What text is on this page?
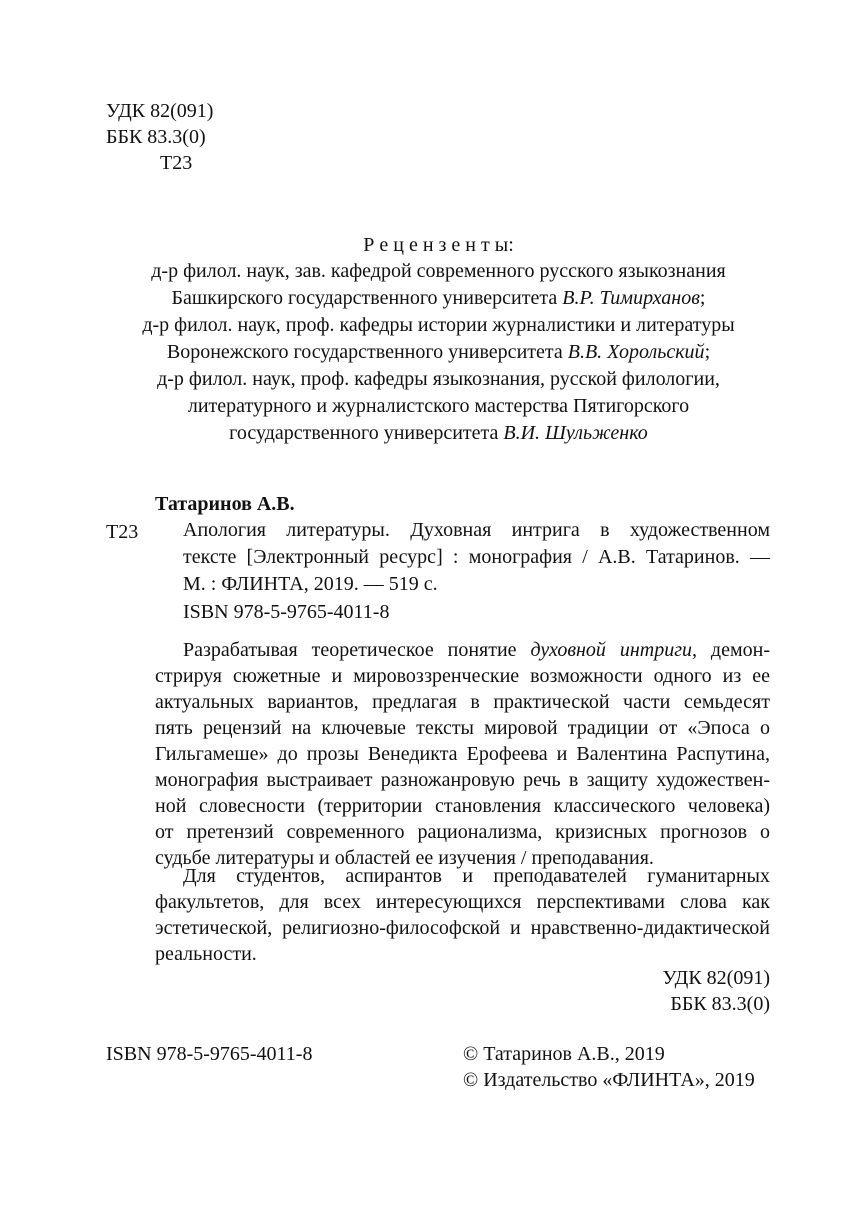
УДК 82(091)
ББК 83.3(0)
Т23
Р е ц е н з е н т ы:
д-р филол. наук, зав. кафедрой современного русского языкознания
Башкирского государственного университета В.Р. Тимирханов;
д-р филол. наук, проф. кафедры истории журналистики и литературы
Воронежского государственного университета В.В. Хорольский;
д-р филол. наук, проф. кафедры языкознания, русской филологии,
литературного и журналистского мастерства Пятигорского
государственного университета В.И. Шульженко
Татаринов А.В.
Т23 Апология литературы. Духовная интрига в художественном
тексте [Электронный ресурс] : монография / А.В. Татаринов. —
М. : ФЛИНТА, 2019. — 519 с.
ISBN 978-5-9765-4011-8
Разрабатывая теоретическое понятие духовной интриги, демон-
стрируя сюжетные и мировоззренческие возможности одного из ее
актуальных вариантов, предлагая в практической части семьдесят
пять рецензий на ключевые тексты мировой традиции от «Эпоса о
Гильгамеше» до прозы Венедикта Ерофеева и Валентина Распутина,
монография выстраивает разножанровую речь в защиту художествен-
ной словесности (территории становления классического человека)
от претензий современного рационализма, кризисных прогнозов о
судьбе литературы и областей ее изучения / преподавания.
Для студентов, аспирантов и преподавателей гуманитарных
факультетов, для всех интересующихся перспективами слова как
эстетической, религиозно-философской и нравственно-дидактической
реальности.
УДК 82(091)
ББК 83.3(0)
ISBN 978-5-9765-4011-8	© Татаринов А.В., 2019
© Издательство «ФЛИНТА», 2019
